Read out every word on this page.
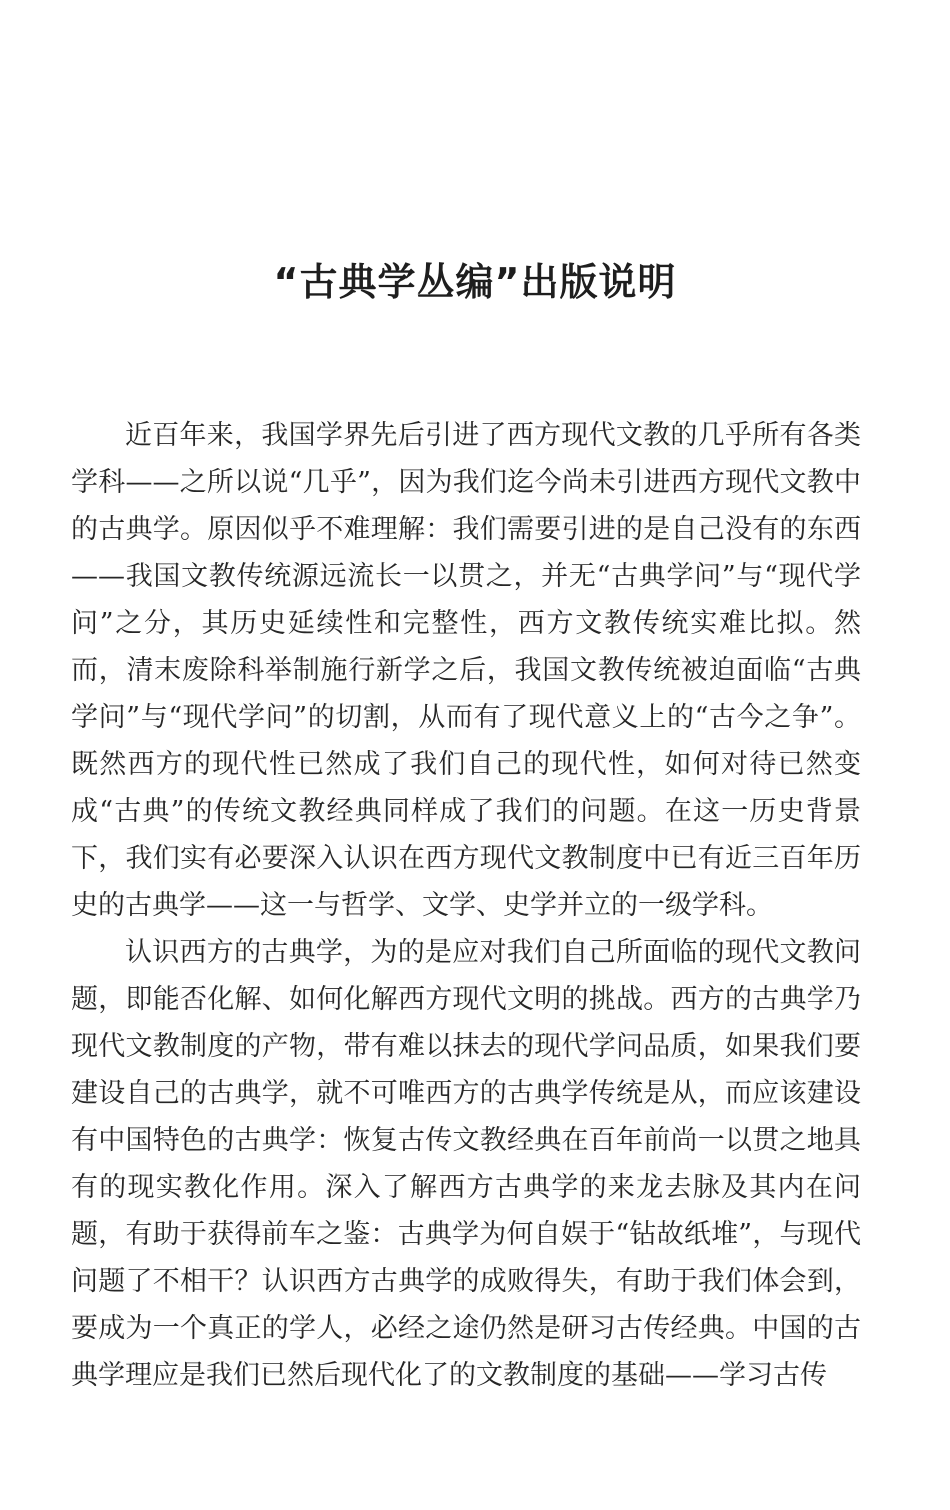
“古典学丛编”出版说明

近百年来，我国学界先后引进了西方现代文教的几乎所有各类学科——之所以说“几乎”，因为我们迄今尚未引进西方现代文教中的古典学。原因似乎不难理解：我们需要引进的是自己没有的东西——我国文教传统源远流长一以贯之，并无“古典学问”与“现代学问”之分，其历史延续性和完整性，西方文教传统实难比拟。然而，清末废除科举制施行新学之后，我国文教传统被迫面临“古典学问”与“现代学问”的切割，从而有了现代意义上的“古今之争”。既然西方的现代性已然成了我们自己的现代性，如何对待已然变成“古典”的传统文教经典同样成了我们的问题。在这一历史背景下，我们实有必要深入认识在西方现代文教制度中已有近三百年历史的古典学——这一与哲学、文学、史学并立的一级学科。

认识西方的古典学，为的是应对我们自己所面临的现代文教问题，即能否化解、如何化解西方现代文明的挑战。西方的古典学乃现代文教制度的产物，带有难以抹去的现代学问品质，如果我们要建设自己的古典学，就不可唯西方的古典学传统是从，而应该建设有中国特色的古典学：恢复古传文教经典在百年前尚一以贯之地具有的现实教化作用。深入了解西方古典学的来龙去脉及其内在问题，有助于获得前车之鉴：古典学为何自娱于“钻故纸堆”，与现代问题了不相干？认识西方古典学的成败得失，有助于我们体会到，要成为一个真正的学人，必经之途仍然是研习古传经典。中国的古典学理应是我们已然后现代化了的文教制度的基础——学习古传
